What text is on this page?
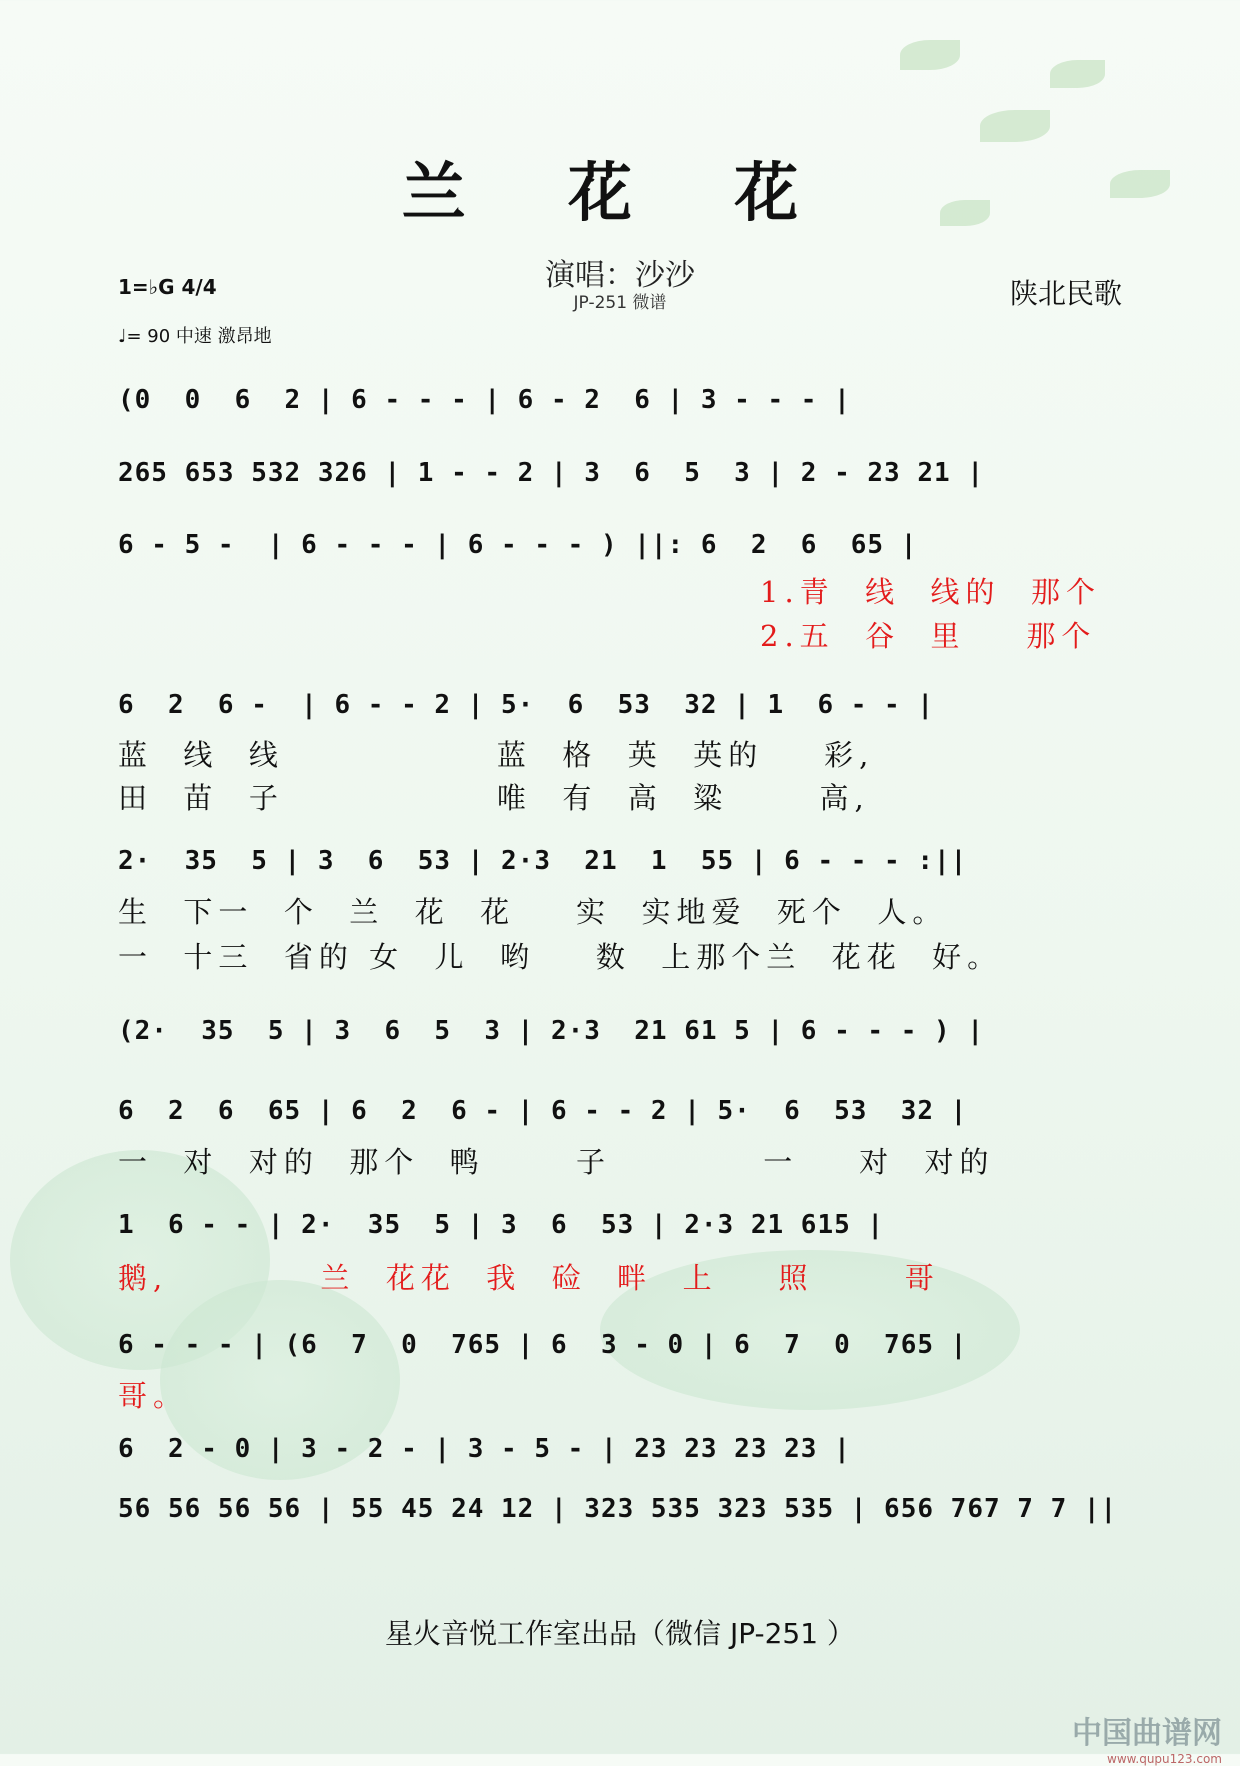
兰 花 花
演唱：沙沙
JP-251 微谱	陕北民歌
1=♭G 4/4
♩= 90 中速 激昂地
(0  0  6  2 | 6 - - - | 6 - 2  6 | 3 - - - |
265 653 532 326 | 1 - - 2 | 3  6  5  3 | 2 - 23 21 |
6 - 5 -  | 6 - - - | 6 - - - ) ||: 6  2  6  65 |
1.青  线  线的  那个
2.五  谷  里    那个
6  2  6 -  | 6 - - 2 | 5·  6  53  32 | 1  6 - - |
蓝  线  线              蓝  格  英  英的    彩,
田  苗  子              唯  有  高  粱      高,
2·  35  5 | 3  6  53 | 2·3  21  1  55 | 6 - - - :||
生  下一  个  兰  花  花    实  实地爱  死个  人。
一  十三  省的 女  儿  哟    数  上那个兰  花花  好。
(2·  35  5 | 3  6  5  3 | 2·3  21 61 5 | 6 - - - ) |
6  2  6  65 | 6  2  6 - | 6 - - 2 | 5·  6  53  32 |
一  对  对的  那个  鸭      子          一    对  对的
1  6 - - | 2·  35  5 | 3  6  53 | 2·3 21 615 |
鹅,          兰  花花  我  硷  畔  上    照      哥
6 - - - | (6  7  0  765 | 6  3 - 0 | 6  7  0  765 |
哥。
6  2 - 0 | 3 - 2 - | 3 - 5 - | 23 23 23 23 |
56 56 56 56 | 55 45 24 12 | 323 535 323 535 | 656 767 7 7 ||
星火音悦工作室出品（微信 JP-251 ）
中国曲谱网
www.qupu123.com
